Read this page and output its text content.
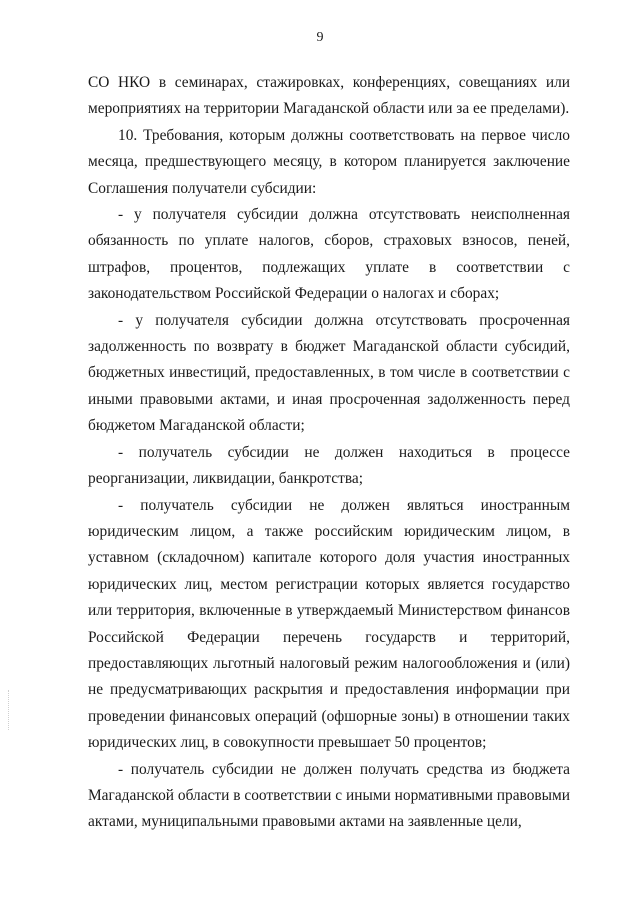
9

СО НКО в семинарах, стажировках, конференциях, совещаниях или мероприятиях на территории Магаданской области или за ее пределами).

10. Требования, которым должны соответствовать на первое число месяца, предшествующего месяцу, в котором планируется заключение Соглашения получатели субсидии:

- у получателя субсидии должна отсутствовать неисполненная обязанность по уплате налогов, сборов, страховых взносов, пеней, штрафов, процентов, подлежащих уплате в соответствии с законодательством Российской Федерации о налогах и сборах;

- у получателя субсидии должна отсутствовать просроченная задолженность по возврату в бюджет Магаданской области субсидий, бюджетных инвестиций, предоставленных, в том числе в соответствии с иными правовыми актами, и иная просроченная задолженность перед бюджетом Магаданской области;

- получатель субсидии не должен находиться в процессе реорганизации, ликвидации, банкротства;

- получатель субсидии не должен являться иностранным юридическим лицом, а также российским юридическим лицом, в уставном (складочном) капитале которого доля участия иностранных юридических лиц, местом регистрации которых является государство или территория, включенные в утверждаемый Министерством финансов Российской Федерации перечень государств и территорий, предоставляющих льготный налоговый режим налогообложения и (или) не предусматривающих раскрытия и предоставления информации при проведении финансовых операций (офшорные зоны) в отношении таких юридических лиц, в совокупности превышает 50 процентов;

- получатель субсидии не должен получать средства из бюджета Магаданской области в соответствии с иными нормативными правовыми актами, муниципальными правовыми актами на заявленные цели,
